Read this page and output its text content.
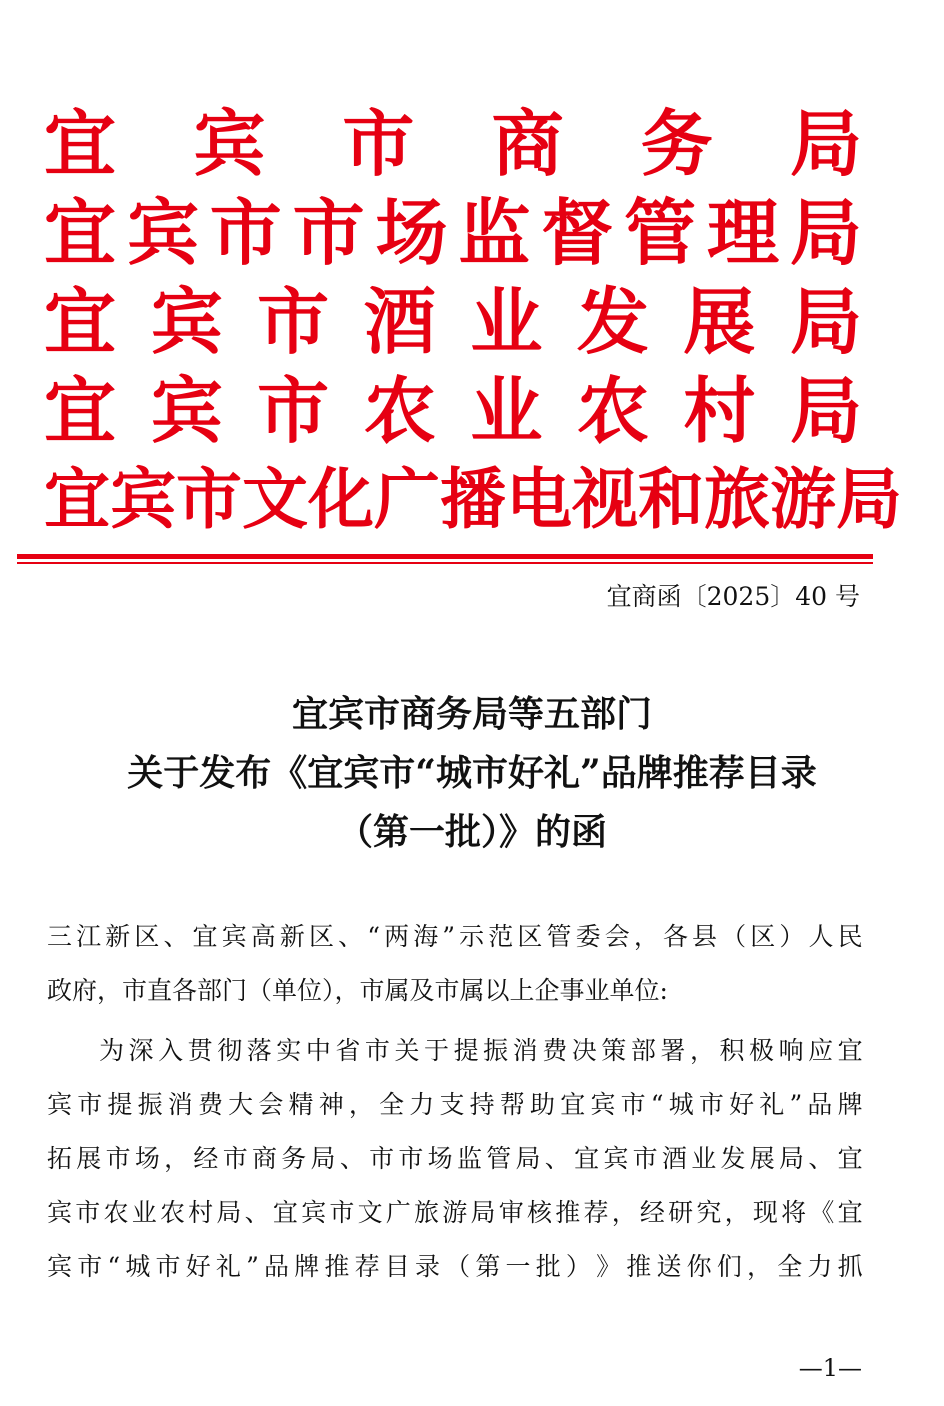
宜 宾 市 商 务 局
宜 宾 市 市 场 监 督 管 理 局
宜 宾 市 酒 业 发 展 局
宜 宾 市 农 业 农 村 局
宜 宾 市 文 化 广 播 电 视 和 旅 游 局
宜商函〔2025〕40 号
宜宾市商务局等五部门
关于发布《宜宾市“城市好礼”品牌推荐目录
（第一批）》的函
三 江 新 区 、 宜 宾 高 新 区 、 “ 两 海 ” 示 范 区 管 委 会 ， 各 县 （ 区 ） 人 民
政府，市直各部门（单位），市属及市属以上企事业单位:
为 深 入 贯 彻 落 实 中 省 市 关 于 提 振 消 费 决 策 部 署 ， 积 极 响 应 宜
宾 市 提 振 消 费 大 会 精 神 ， 全 力 支 持 帮 助 宜 宾 市 “ 城 市 好 礼 ” 品 牌
拓 展 市 场 ， 经 市 商 务 局 、 市 市 场 监 管 局 、 宜 宾 市 酒 业 发 展 局 、 宜
宾 市 农 业 农 村 局 、 宜 宾 市 文 广 旅 游 局 审 核 推 荐 ， 经 研 究 ， 现 将 《 宜
宾 市 “ 城 市 好 礼 ” 品 牌 推 荐 目 录 （ 第 一 批 ） 》 推 送 你 们 ， 全 力 抓
—1—
